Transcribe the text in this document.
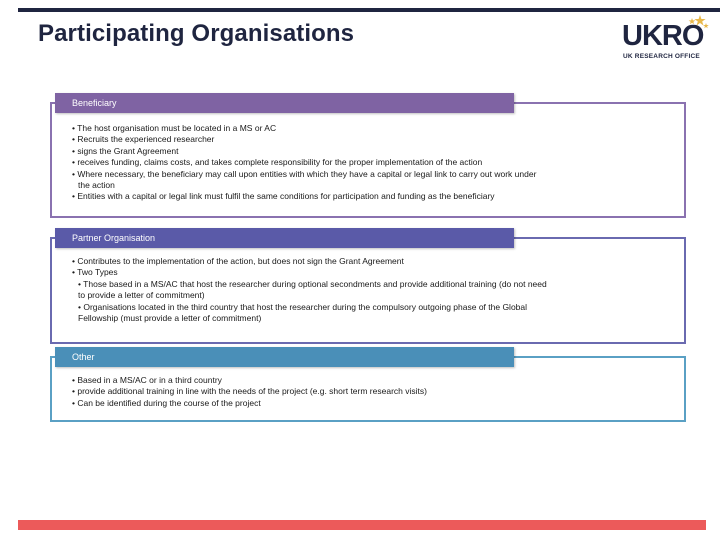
Participating Organisations	UKRO
UK RESEARCH OFFICE
Beneficiary
• The host organisation must be located in a MS or AC
• Recruits the experienced researcher
• signs the Grant Agreement
• receives funding, claims costs, and takes complete responsibility for the proper implementation of the action
• Where necessary, the beneficiary may call upon entities with which they have a capital or legal link to carry out work under
the action
• Entities with a capital or legal link must fulfil the same conditions for participation and funding as the beneficiary
Partner Organisation
• Contributes to the implementation of the action, but does not sign the Grant Agreement
• Two Types
• Those based in a MS/AC that host the researcher during optional secondments and provide additional training (do not need
to provide a letter of commitment)
• Organisations located in the third country that host the researcher during the compulsory outgoing phase of the Global
Fellowship (must provide a letter of commitment)
Other
• Based in a MS/AC or in a third country
• provide additional training in line with the needs of the project (e.g. short term research visits)
• Can be identified during the course of the project
